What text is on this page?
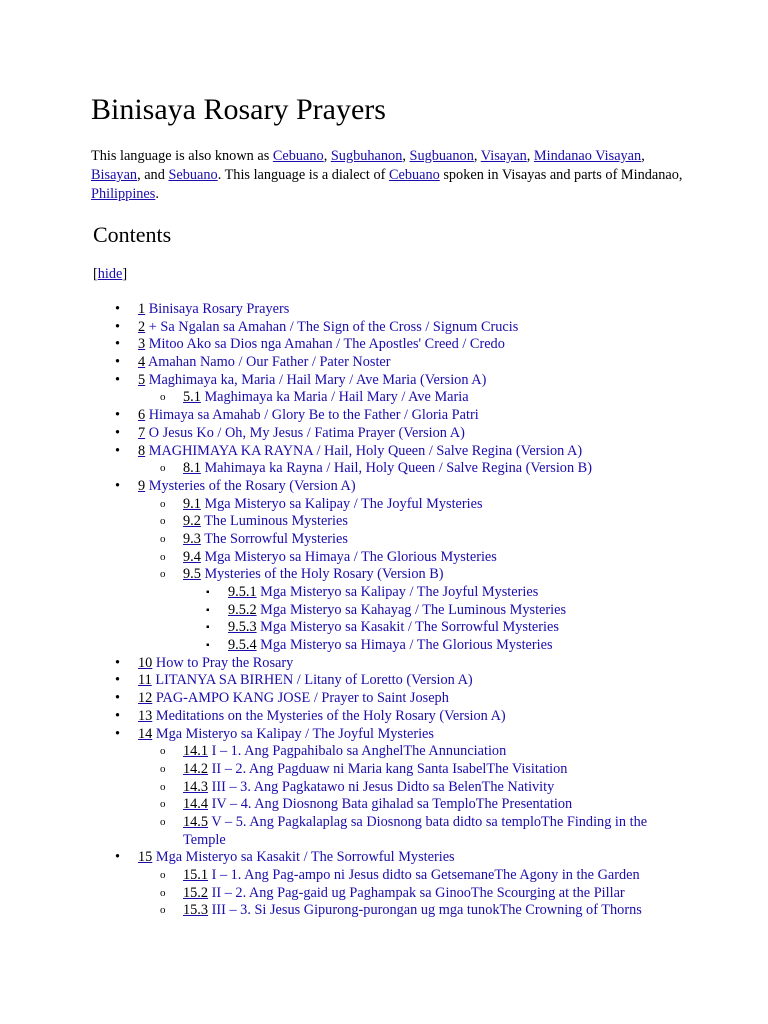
Binisaya Rosary Prayers

This language is also known as Cebuano, Sugbuhanon, Sugbuanon, Visayan, Mindanao Visayan,
Bisayan, and Sebuano. This language is a dialect of Cebuano spoken in Visayas and parts of Mindanao, Philippines.

Contents
[hide]
• 1 Binisaya Rosary Prayers
• 2 + Sa Ngalan sa Amahan / The Sign of the Cross / Signum Crucis
• 3 Mitoo Ako sa Dios nga Amahan / The Apostles' Creed / Credo
• 4 Amahan Namo / Our Father / Pater Noster
• 5 Maghimaya ka, Maria / Hail Mary / Ave Maria (Version A)
o 5.1 Maghimaya ka Maria / Hail Mary / Ave Maria
• 6 Himaya sa Amahab / Glory Be to the Father / Gloria Patri
• 7 O Jesus Ko / Oh, My Jesus / Fatima Prayer (Version A)
• 8 MAGHIMAYA KA RAYNA / Hail, Holy Queen / Salve Regina (Version A)
o 8.1 Mahimaya ka Rayna / Hail, Holy Queen / Salve Regina (Version B)
• 9 Mysteries of the Rosary (Version A)
o 9.1 Mga Misteryo sa Kalipay / The Joyful Mysteries
o 9.2 The Luminous Mysteries
o 9.3 The Sorrowful Mysteries
o 9.4 Mga Misteryo sa Himaya / The Glorious Mysteries
o 9.5 Mysteries of the Holy Rosary (Version B)
▪ 9.5.1 Mga Misteryo sa Kalipay / The Joyful Mysteries
▪ 9.5.2 Mga Misteryo sa Kahayag / The Luminous Mysteries
▪ 9.5.3 Mga Misteryo sa Kasakit / The Sorrowful Mysteries
▪ 9.5.4 Mga Misteryo sa Himaya / The Glorious Mysteries
• 10 How to Pray the Rosary
• 11 LITANYA SA BIRHEN / Litany of Loretto (Version A)
• 12 PAG-AMPO KANG JOSE / Prayer to Saint Joseph
• 13 Meditations on the Mysteries of the Holy Rosary (Version A)
• 14 Mga Misteryo sa Kalipay / The Joyful Mysteries
o 14.1 I – 1. Ang Pagpahibalo sa AnghelThe Annunciation
o 14.2 II – 2. Ang Pagduaw ni Maria kang Santa IsabelThe Visitation
o 14.3 III – 3. Ang Pagkatawo ni Jesus Didto sa BelenThe Nativity
o 14.4 IV – 4. Ang Diosnong Bata gihalad sa TemploThe Presentation
o 14.5 V – 5. Ang Pagkalaplag sa Diosnong bata didto sa temploThe Finding in the Temple
• 15 Mga Misteryo sa Kasakit / The Sorrowful Mysteries
o 15.1 I – 1. Ang Pag-ampo ni Jesus didto sa GetsemaneThe Agony in the Garden
o 15.2 II – 2. Ang Pag-gaid ug Paghampak sa GinooThe Scourging at the Pillar
o 15.3 III – 3. Si Jesus Gipurong-purongan ug mga tunokThe Crowning of Thorns
